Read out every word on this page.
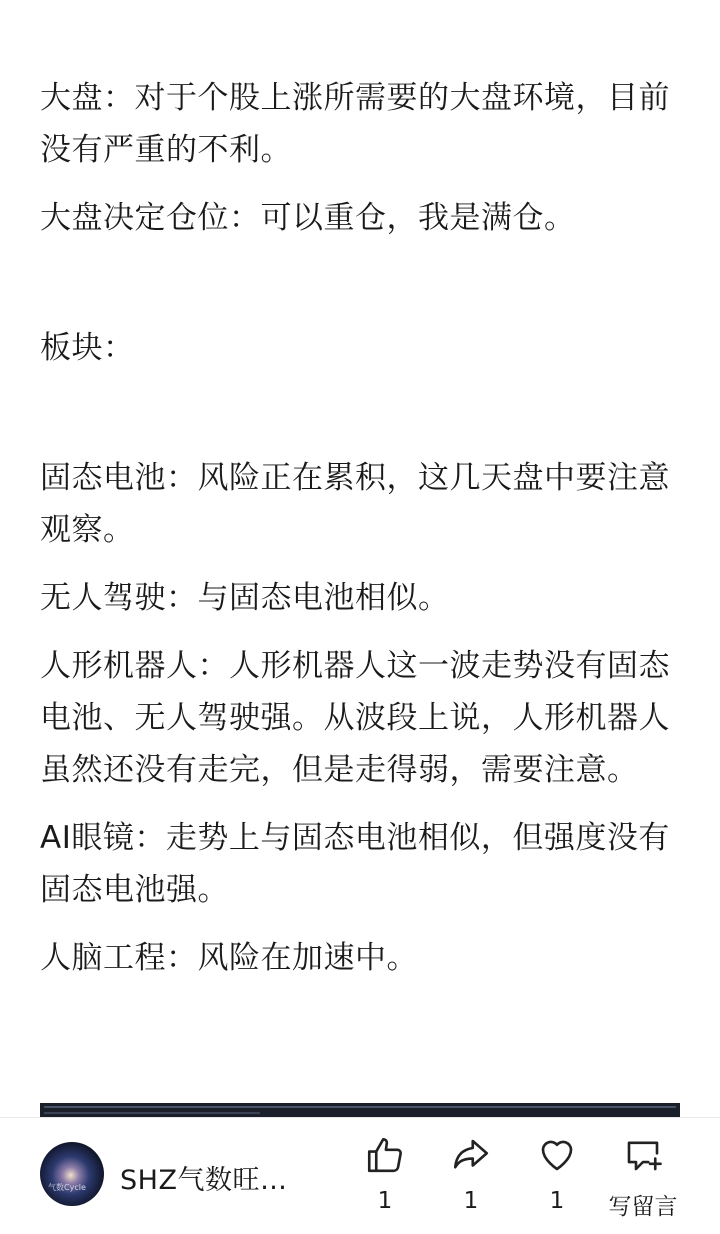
大盘：对于个股上涨所需要的大盘环境，目前没有严重的不利。

大盘决定仓位：可以重仓，我是满仓。

板块：

固态电池：风险正在累积，这几天盘中要注意观察。

无人驾驶：与固态电池相似。

人形机器人：人形机器人这一波走势没有固态电池、无人驾驶强。从波段上说，人形机器人虽然还没有走完，但是走得弱，需要注意。

AI眼镜：走势上与固态电池相似，但强度没有固态电池强。

人脑工程：风险在加速中。

气数Cycle SHZ气数旺…
1	1	1	写留言
